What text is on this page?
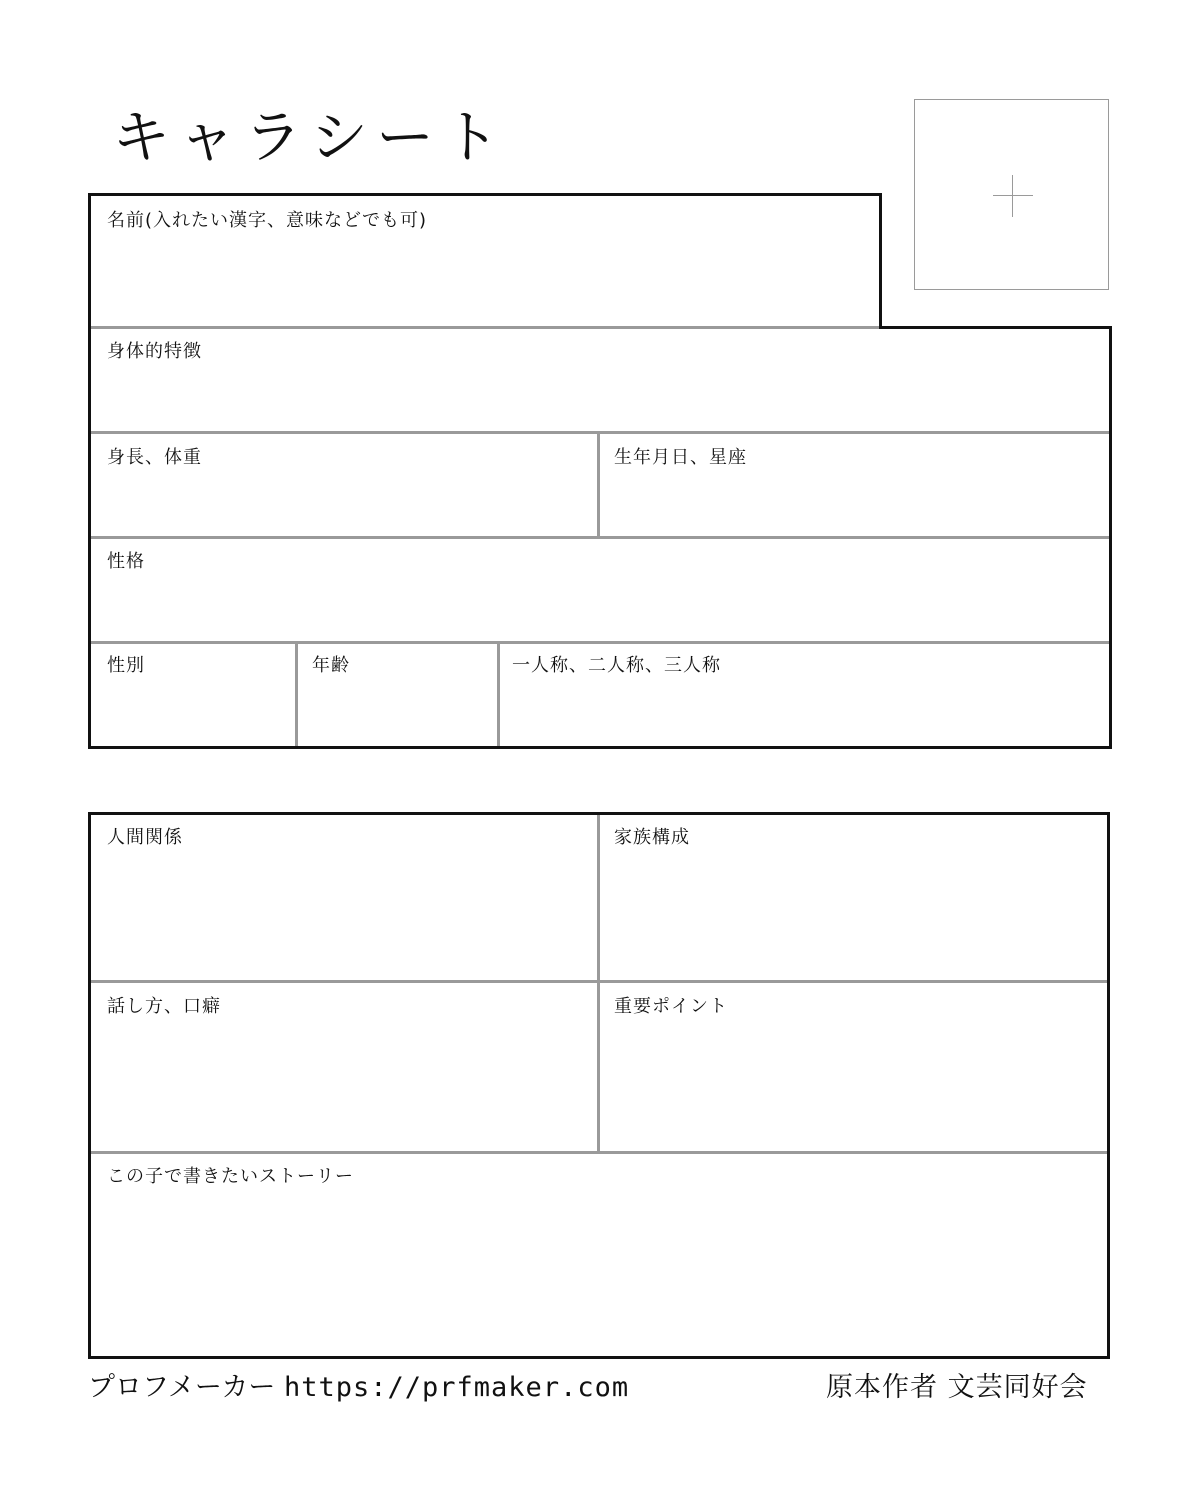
キャラシート
名前(入れたい漢字、意味などでも可)
身体的特徴
身長、体重	生年月日、星座
性格
性別	年齢	一人称、二人称、三人称
人間関係	家族構成
話し方、口癖	重要ポイント
この子で書きたいストーリー
プロフメーカー https://prfmaker.com	原本作者 文芸同好会
